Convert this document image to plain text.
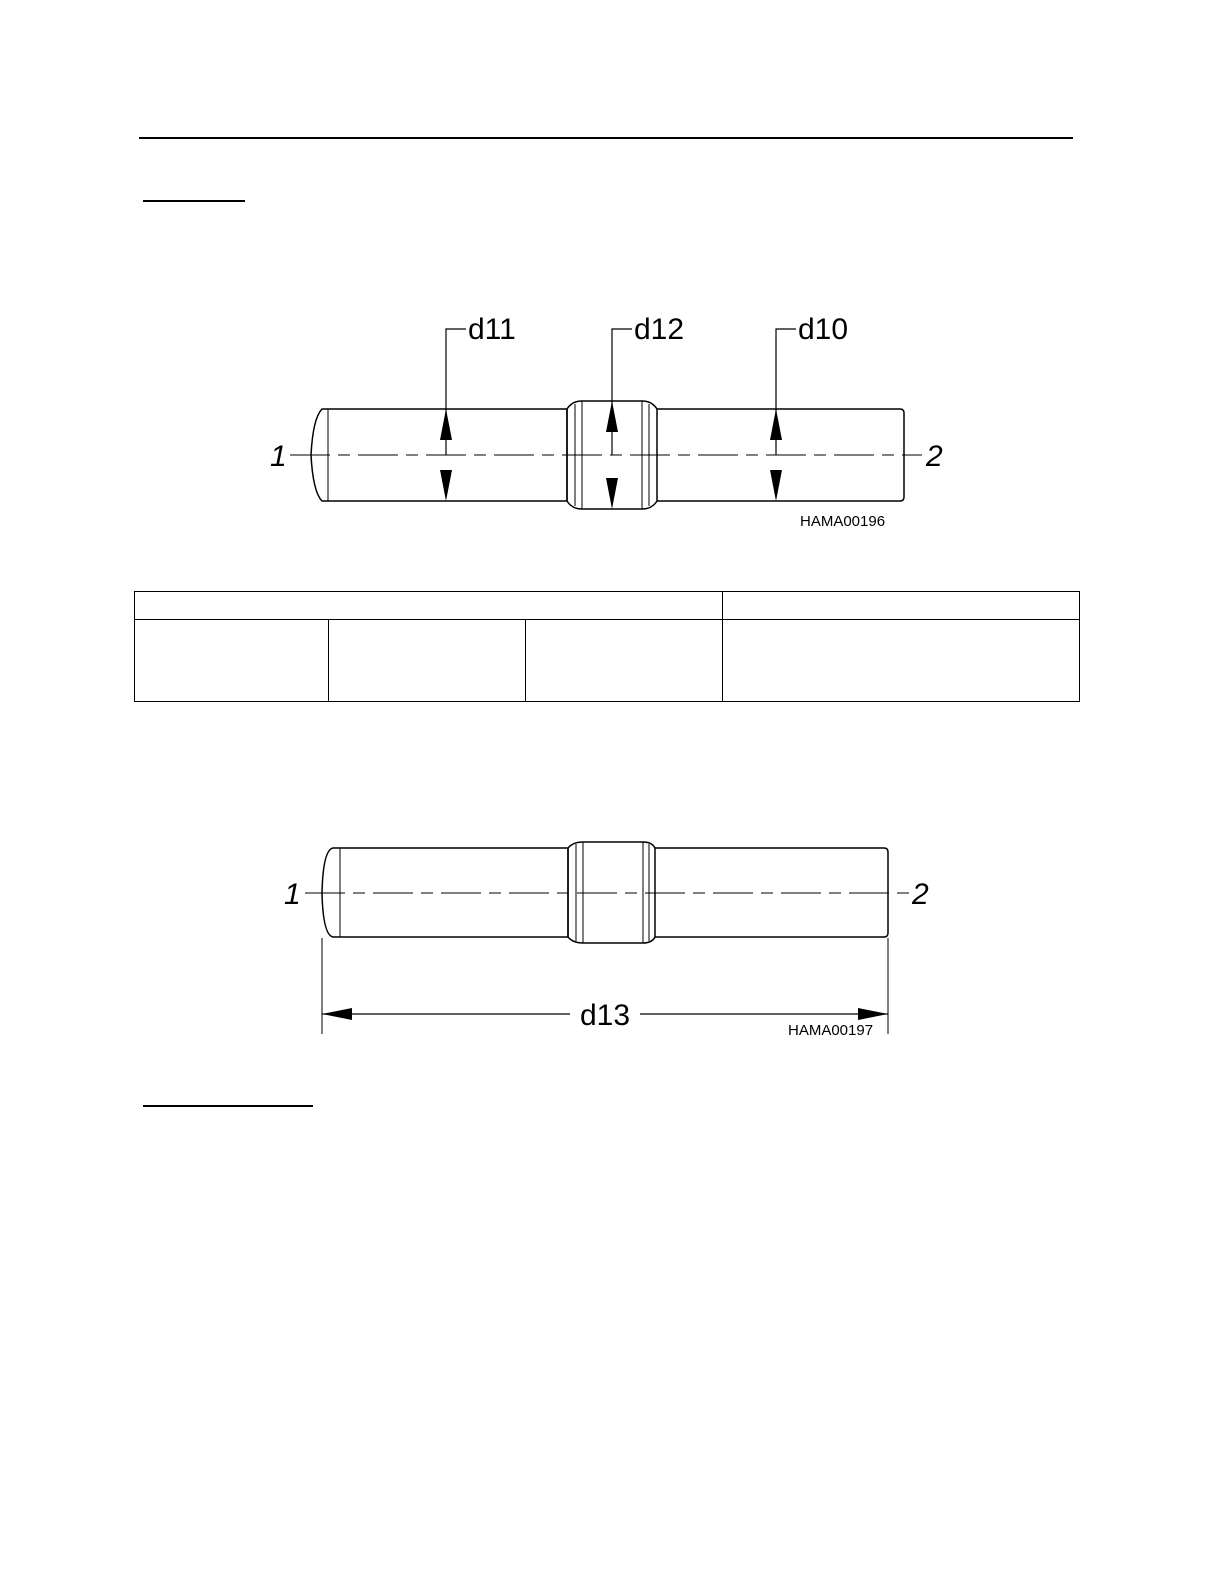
d11	d12	d10
1	2
HAMA00196

d13
1	2
HAMA00197
